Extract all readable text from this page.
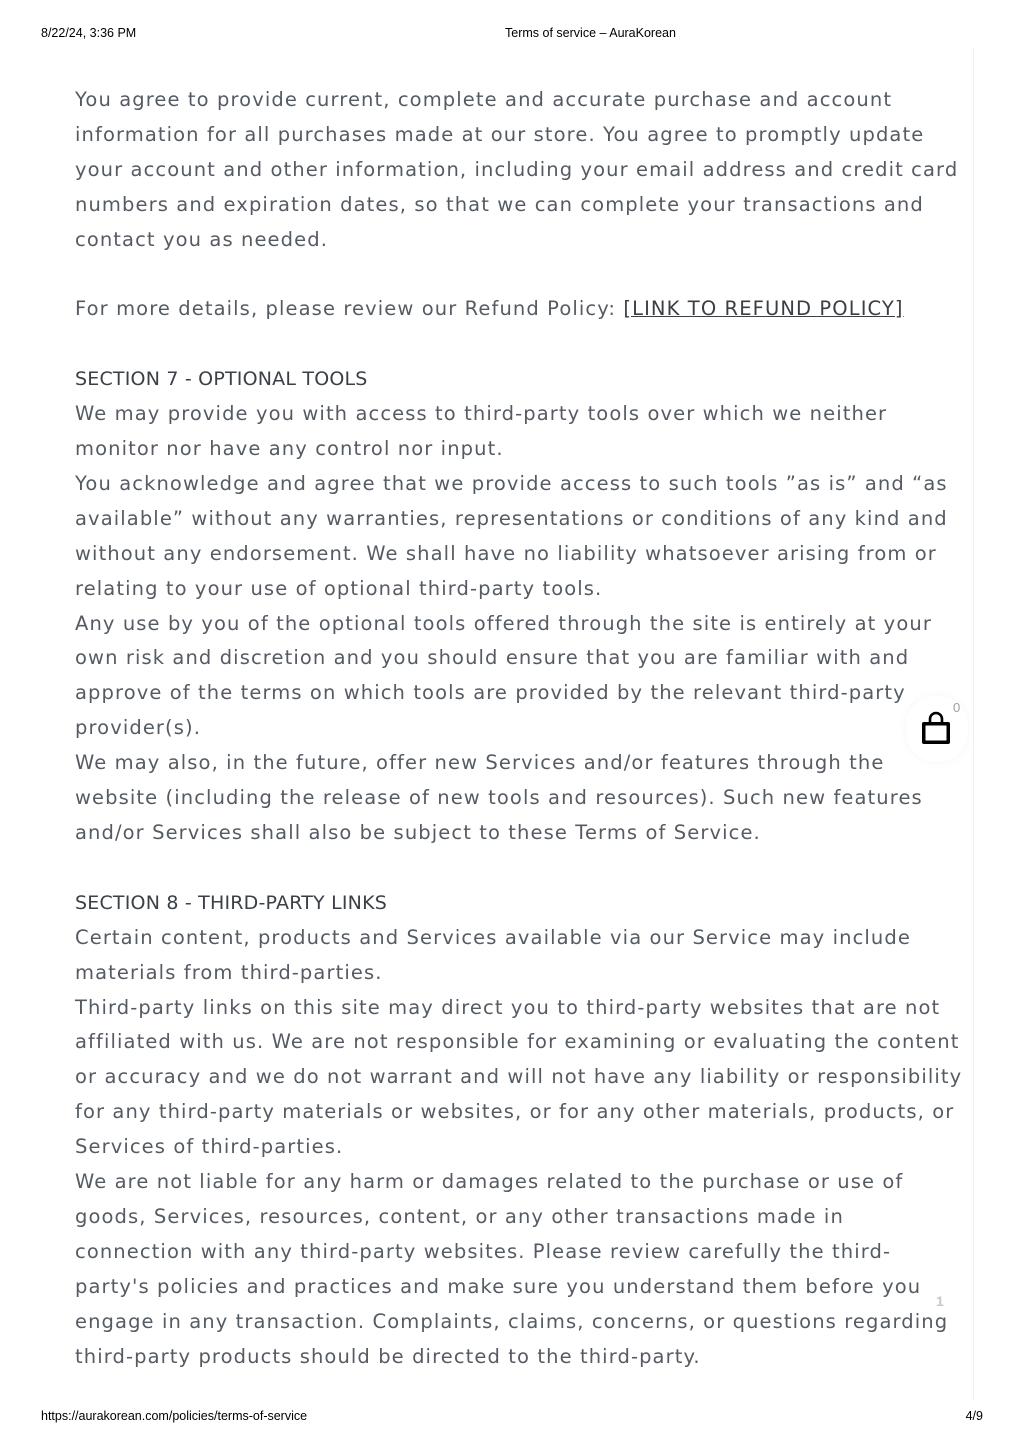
8/22/24, 3:36 PM	Terms of service – AuraKorean

You agree to provide current, complete and accurate purchase and account information for all purchases made at our store. You agree to promptly update your account and other information, including your email address and credit card numbers and expiration dates, so that we can complete your transactions and contact you as needed.

For more details, please review our Refund Policy: [LINK TO REFUND POLICY]

SECTION 7 - OPTIONAL TOOLS

We may provide you with access to third-party tools over which we neither monitor nor have any control nor input.

You acknowledge and agree that we provide access to such tools ”as is” and “as available” without any warranties, representations or conditions of any kind and without any endorsement. We shall have no liability whatsoever arising from or relating to your use of optional third-party tools.

Any use by you of the optional tools offered through the site is entirely at your own risk and discretion and you should ensure that you are familiar with and approve of the terms on which tools are provided by the relevant third-party provider(s).

We may also, in the future, offer new Services and/or features through the website (including the release of new tools and resources). Such new features and/or Services shall also be subject to these Terms of Service.

SECTION 8 - THIRD-PARTY LINKS

Certain content, products and Services available via our Service may include materials from third-parties.

Third-party links on this site may direct you to third-party websites that are not affiliated with us. We are not responsible for examining or evaluating the content or accuracy and we do not warrant and will not have any liability or responsibility for any third-party materials or websites, or for any other materials, products, or Services of third-parties.

We are not liable for any harm or damages related to the purchase or use of goods, Services, resources, content, or any other transactions made in connection with any third-party websites. Please review carefully the third-party's policies and practices and make sure you understand them before you engage in any transaction. Complaints, claims, concerns, or questions regarding third-party products should be directed to the third-party.

0
1
https://aurakorean.com/policies/terms-of-service	4/9
